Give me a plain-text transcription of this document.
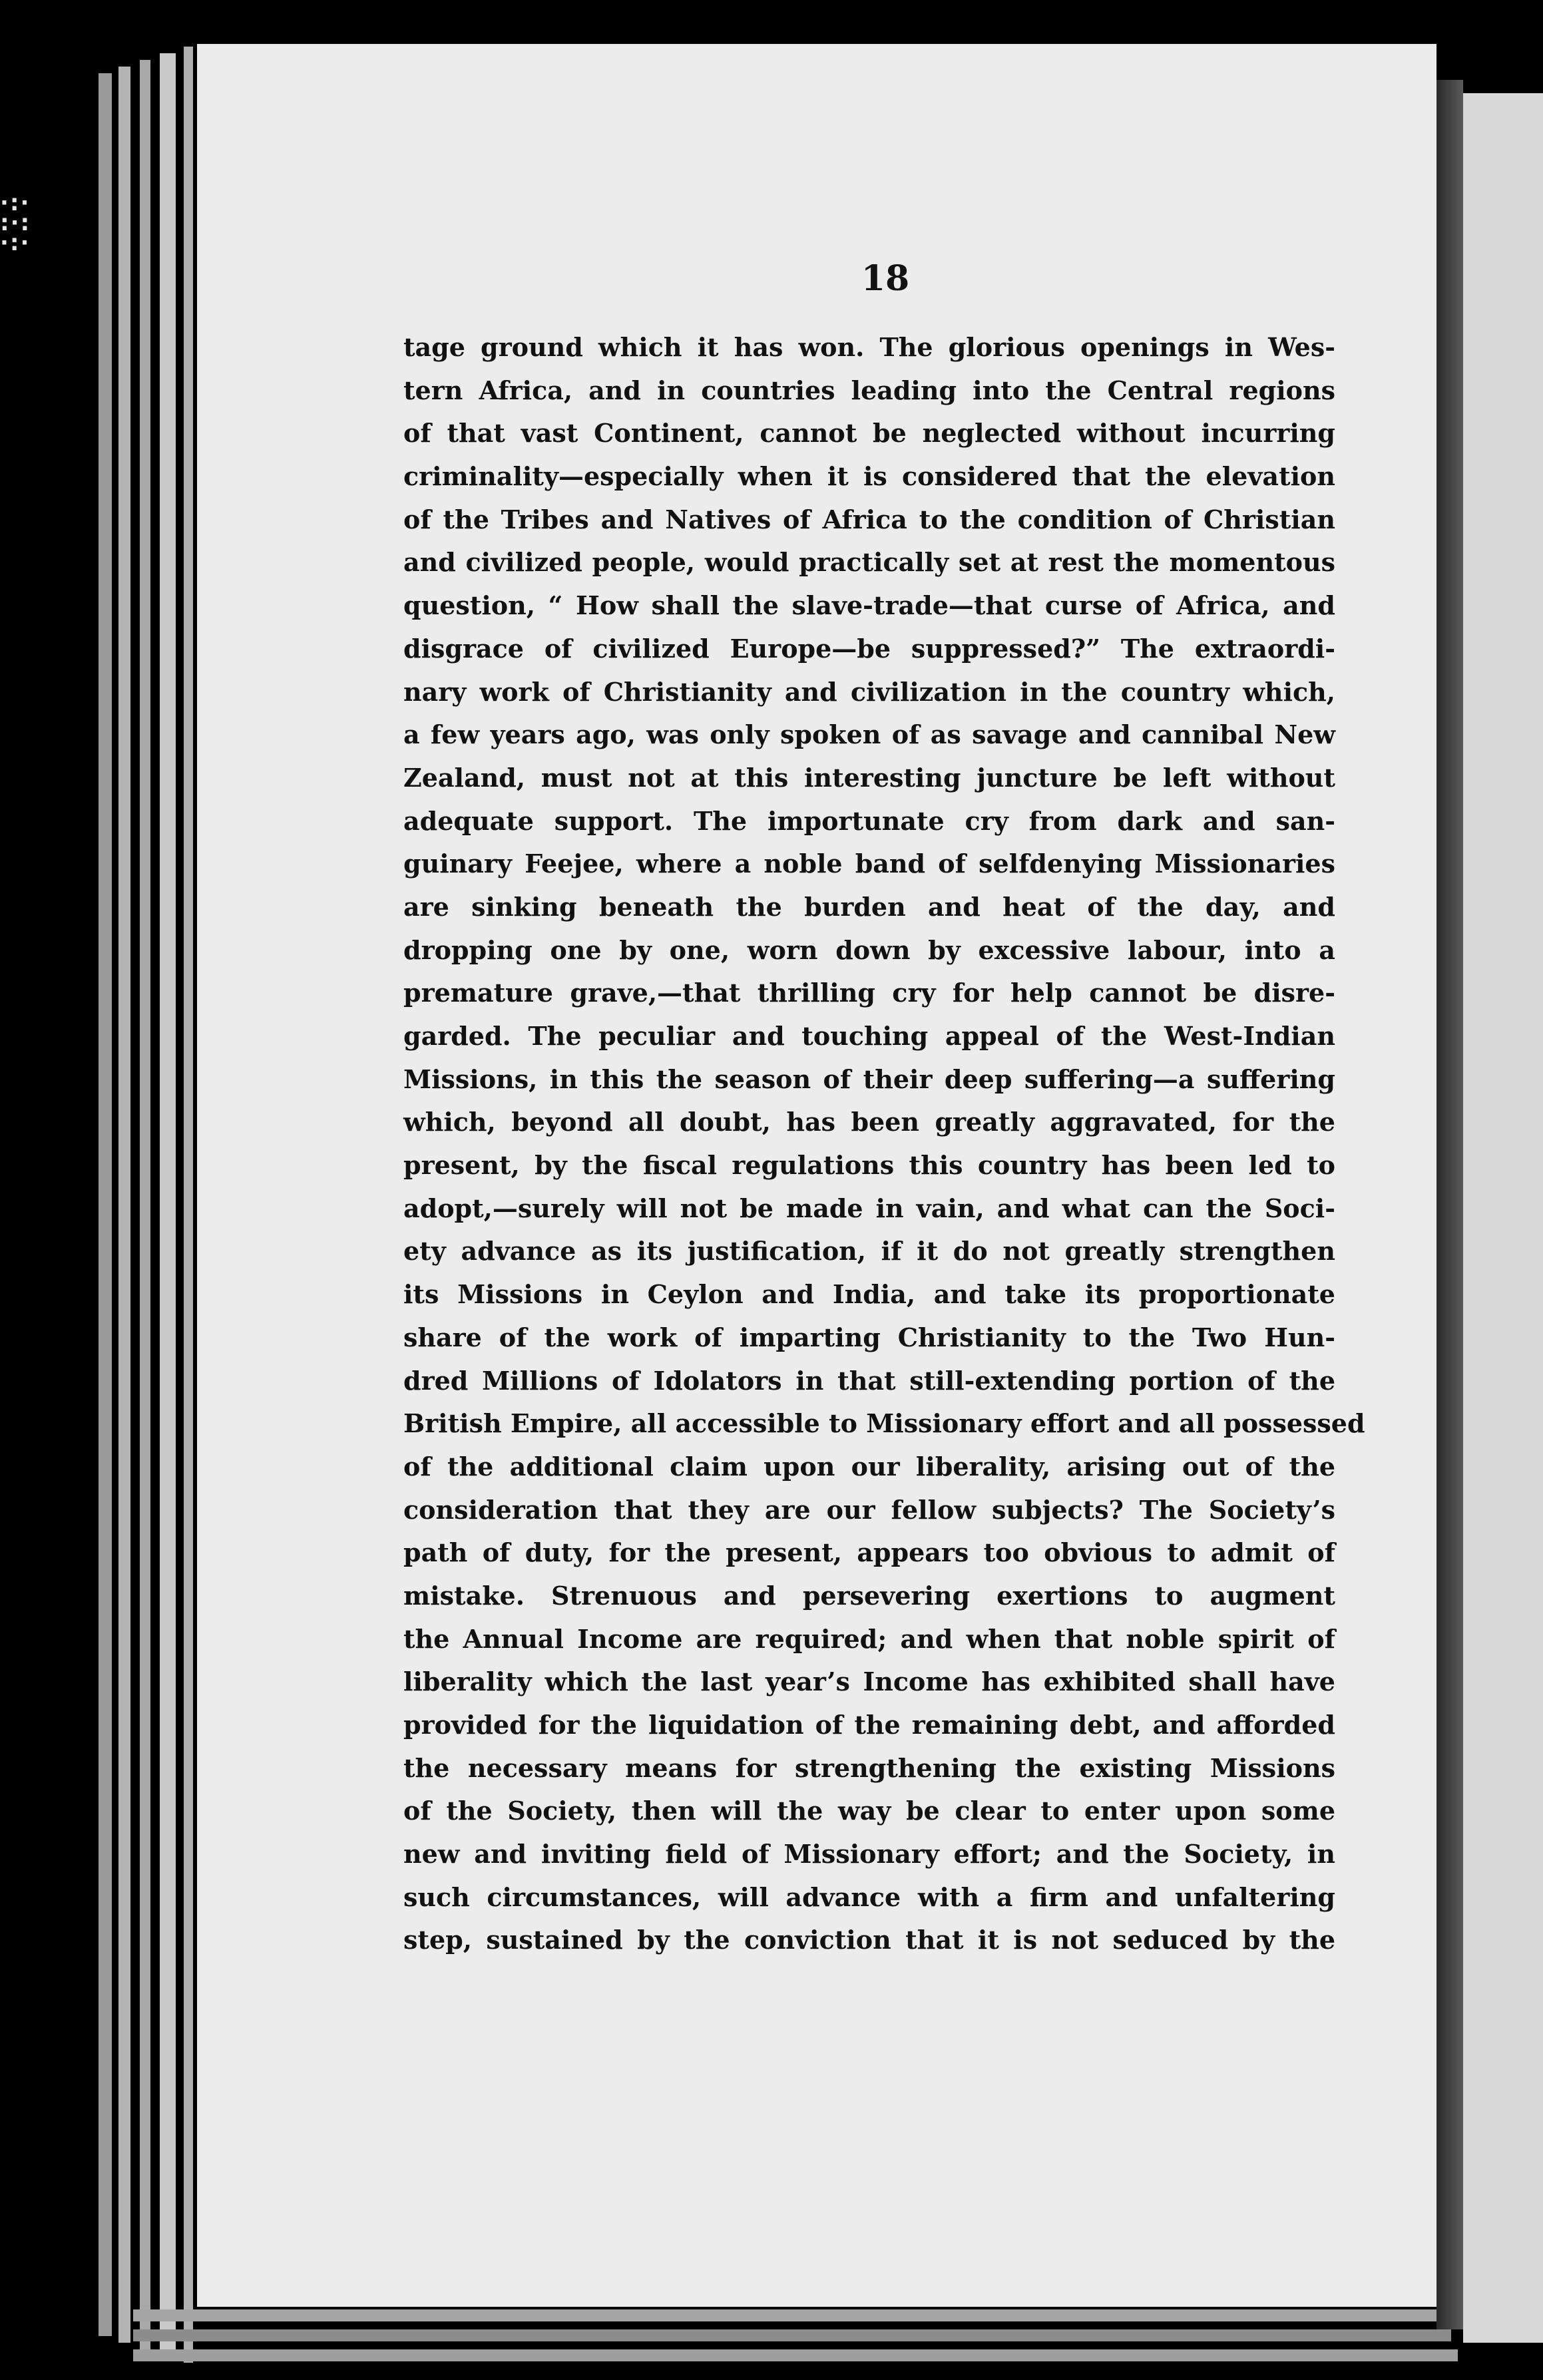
·:·
:·:
·:·
18
tage ground which it has won. The glorious openings in Wes-
tern Africa, and in countries leading into the Central regions
of that vast Continent, cannot be neglected without incurring
criminality—especially when it is considered that the elevation
of the Tribes and Natives of Africa to the condition of Christian
and civilized people, would practically set at rest the momentous
question, “ How shall the slave-trade—that curse of Africa, and
disgrace of civilized Europe—be suppressed?” The extraordi-
nary work of Christianity and civilization in the country which,
a few years ago, was only spoken of as savage and cannibal New
Zealand, must not at this interesting juncture be left without
adequate support. The importunate cry from dark and san-
guinary Feejee, where a noble band of selfdenying Missionaries
are sinking beneath the burden and heat of the day, and
dropping one by one, worn down by excessive labour, into a
premature grave,—that thrilling cry for help cannot be disre-
garded. The peculiar and touching appeal of the West-Indian
Missions, in this the season of their deep suffering—a suffering
which, beyond all doubt, has been greatly aggravated, for the
present, by the fiscal regulations this country has been led to
adopt,—surely will not be made in vain, and what can the Soci-
ety advance as its justification, if it do not greatly strengthen
its Missions in Ceylon and India, and take its proportionate
share of the work of imparting Christianity to the Two Hun-
dred Millions of Idolators in that still-extending portion of the
British Empire, all accessible to Missionary effort and all possessed
of the additional claim upon our liberality, arising out of the
consideration that they are our fellow subjects? The Society’s
path of duty, for the present, appears too obvious to admit of
mistake. Strenuous and persevering exertions to augment
the Annual Income are required; and when that noble spirit of
liberality which the last year’s Income has exhibited shall have
provided for the liquidation of the remaining debt, and afforded
the necessary means for strengthening the existing Missions
of the Society, then will the way be clear to enter upon some
new and inviting field of Missionary effort; and the Society, in
such circumstances, will advance with a firm and unfaltering
step, sustained by the conviction that it is not seduced by the
